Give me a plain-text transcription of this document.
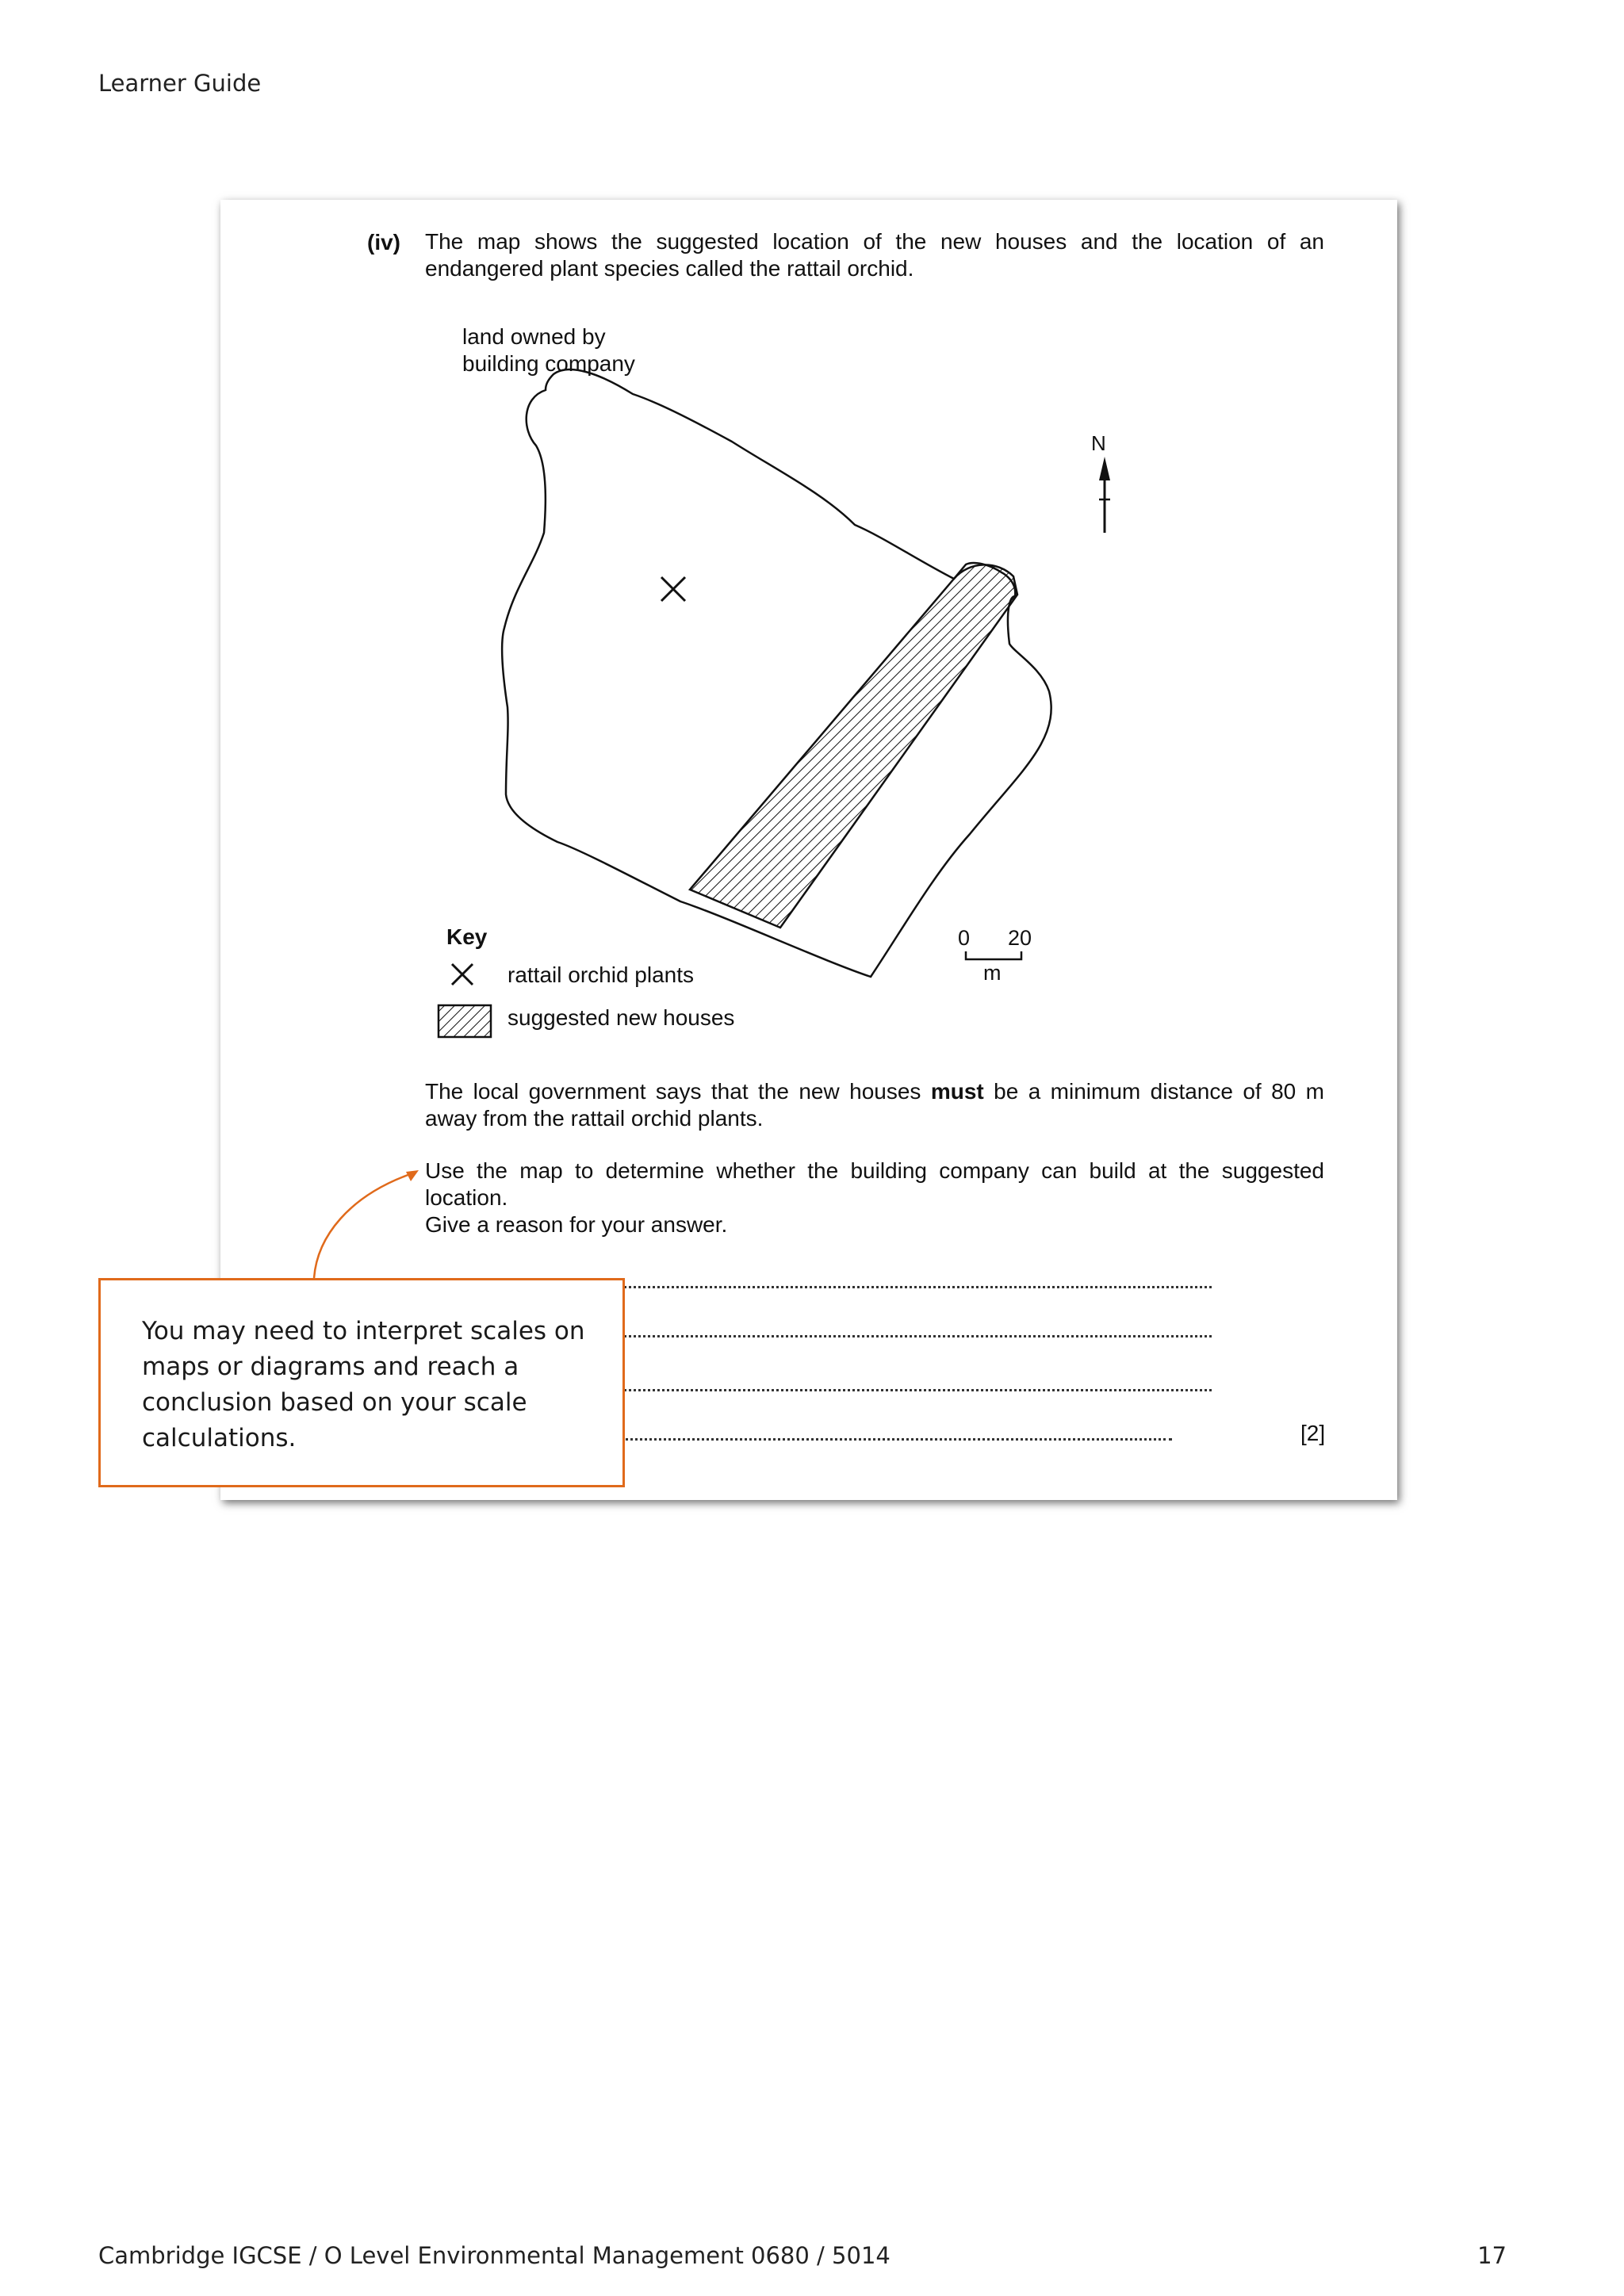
Learner Guide
(iv) The map shows the suggested location of the new houses and the location of an endangered plant species called the rattail orchid.
land owned by
building company
N
0 20
m
Key
rattail orchid plants
suggested new houses
The local government says that the new houses must be a minimum distance of 80 m away from the rattail orchid plants.
Use the map to determine whether the building company can build at the suggested location.
Give a reason for your answer.
[2]
You may need to interpret scales on maps or diagrams and reach a conclusion based on your scale calculations.
Cambridge IGCSE / O Level Environmental Management 0680 / 5014	17
